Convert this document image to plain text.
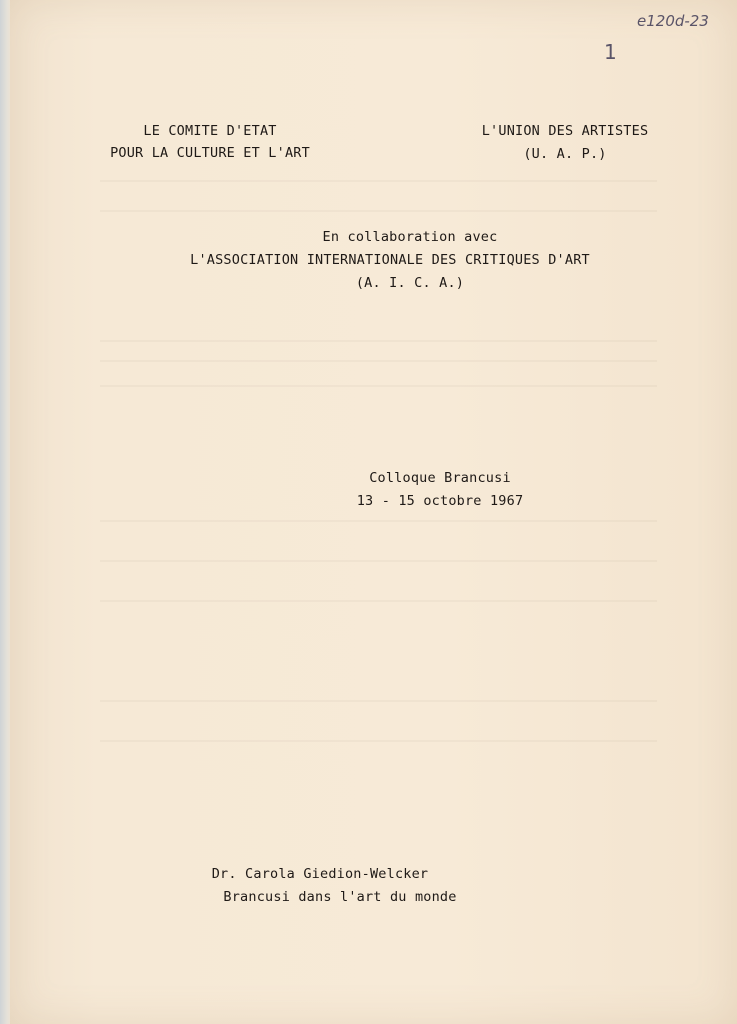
e120d-23
1
LE COMITE D'ETAT
POUR LA CULTURE ET L'ART
L'UNION DES ARTISTES
(U. A. P.)
En collaboration avec
L'ASSOCIATION INTERNATIONALE DES CRITIQUES D'ART
(A. I. C. A.)
Colloque Brancusi
13 - 15 octobre 1967
Dr. Carola Giedion-Welcker
Brancusi dans l'art du monde
